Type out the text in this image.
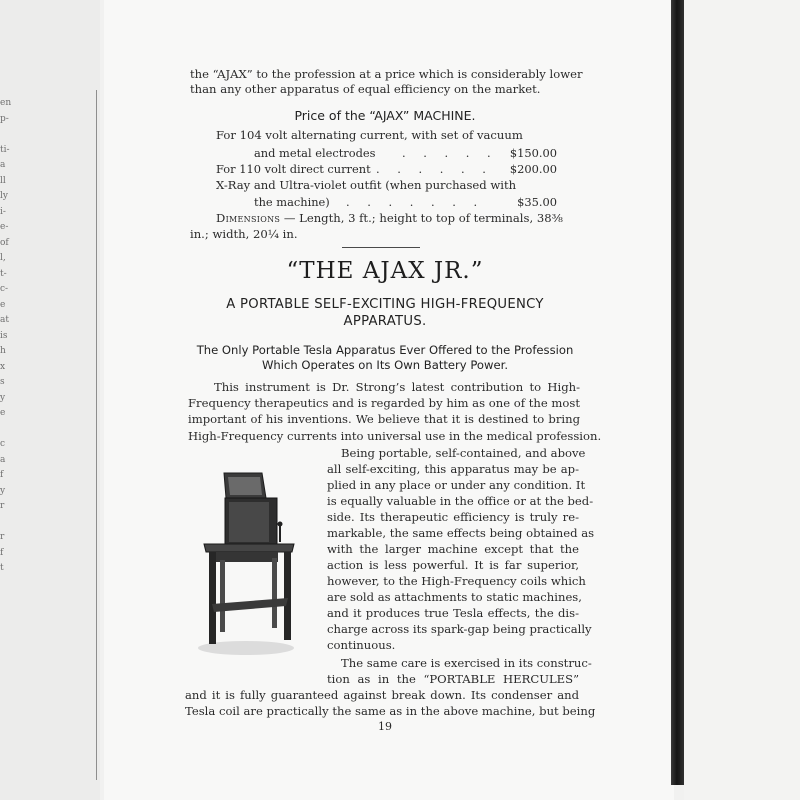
en
p-
ti-
a
ll
ly
i-
e-
of
l,
t-
c-
e
at
is
h
x
s
y
e
c
a
f
y
r
r
f
t
the “AJAX” to the profession at a price which is considerably lower
than any other apparatus of equal efficiency on the market.
Price of the “AJAX” MACHINE.
For 104 volt alternating current, with set of vacuum
and metal electrodes . . . . . $150.00
For 110 volt direct current . . . . . . $200.00
X-Ray and Ultra-violet outfit (when purchased with
the machine) . . . . . . .	$35.00
Dimensions — Length, 3 ft.; height to top of terminals, 38⅜
in.; width, 20¼ in.
“THE AJAX JR.”
A PORTABLE SELF-EXCITING HIGH-FREQUENCY
APPARATUS.
The Only Portable Tesla Apparatus Ever Offered to the Profession
Which Operates on Its Own Battery Power.
This instrument is Dr. Strong’s latest contribution to High-
Frequency therapeutics and is regarded by him as one of the most
important of his inventions. We believe that it is destined to bring
High-Frequency currents into universal use in the medical profession.
Being portable, self-contained, and above
all self-exciting, this apparatus may be ap-
plied in any place or under any condition. It
is equally valuable in the office or at the bed-
side. Its therapeutic efficiency is truly re-
markable, the same effects being obtained as
with the larger machine except that the
action is less powerful. It is far superior,
however, to the High-Frequency coils which
are sold as attachments to static machines,
and it produces true Tesla effects, the dis-
charge across its spark-gap being practically
continuous.
The same care is exercised in its construc-
tion as in the “PORTABLE HERCULES”
and it is fully guaranteed against break down. Its condenser and
Tesla coil are practically the same as in the above machine, but being
19
